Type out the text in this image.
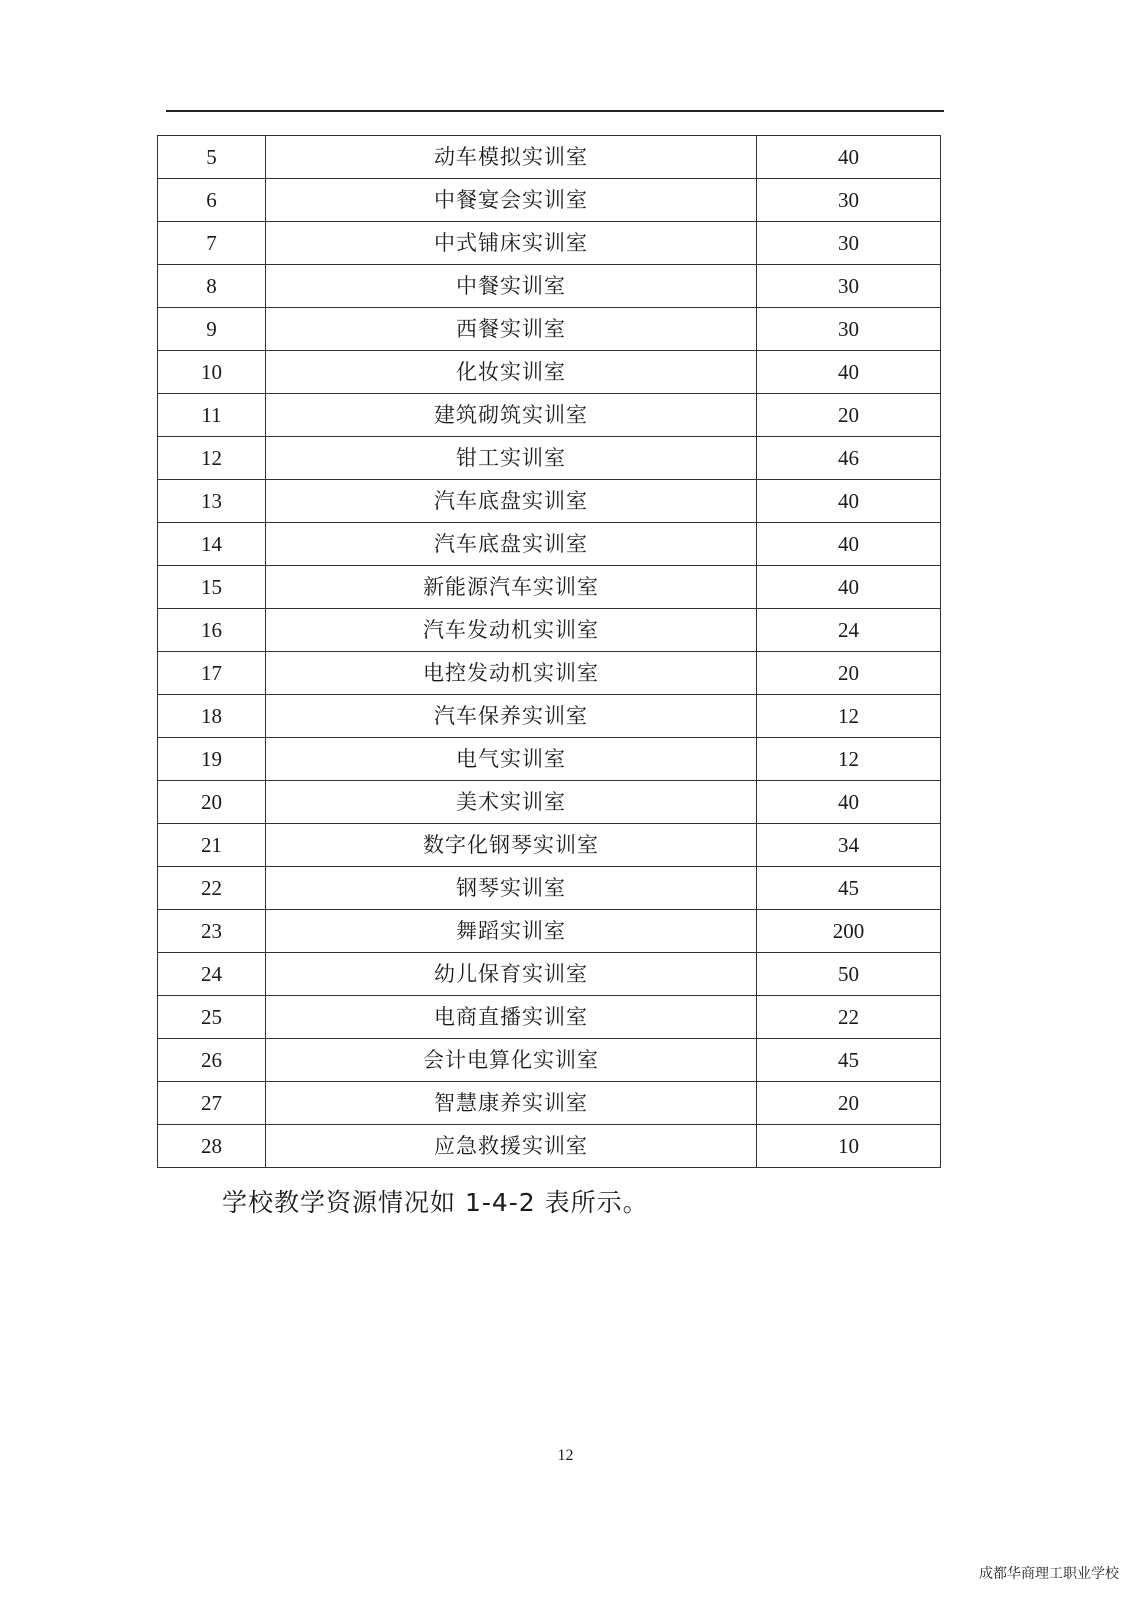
5	动车模拟实训室	40
6	中餐宴会实训室	30
7	中式铺床实训室	30
8	中餐实训室	30
9	西餐实训室	30
10	化妆实训室	40
11	建筑砌筑实训室	20
12	钳工实训室	46
13	汽车底盘实训室	40
14	汽车底盘实训室	40
15	新能源汽车实训室	40
16	汽车发动机实训室	24
17	电控发动机实训室	20
18	汽车保养实训室	12
19	电气实训室	12
20	美术实训室	40
21	数字化钢琴实训室	34
22	钢琴实训室	45
23	舞蹈实训室	200
24	幼儿保育实训室	50
25	电商直播实训室	22
26	会计电算化实训室	45
27	智慧康养实训室	20
28	应急救援实训室	10
学校教学资源情况如 1-4-2 表所示。
12
成都华商理工职业学校
